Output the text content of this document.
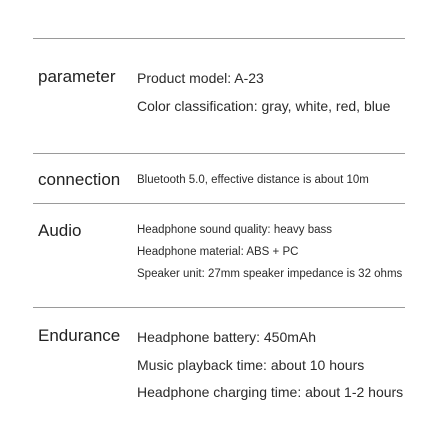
parameter Product model: A-23
Color classification: gray, white, red, blue
connection Bluetooth 5.0, effective distance is about 10m
Audio	Headphone sound quality: heavy bass
Headphone material: ABS + PC
Speaker unit: 27mm speaker impedance is 32 ohms
Endurance Headphone battery: 450mAh
Music playback time: about 10 hours
Headphone charging time: about 1-2 hours
